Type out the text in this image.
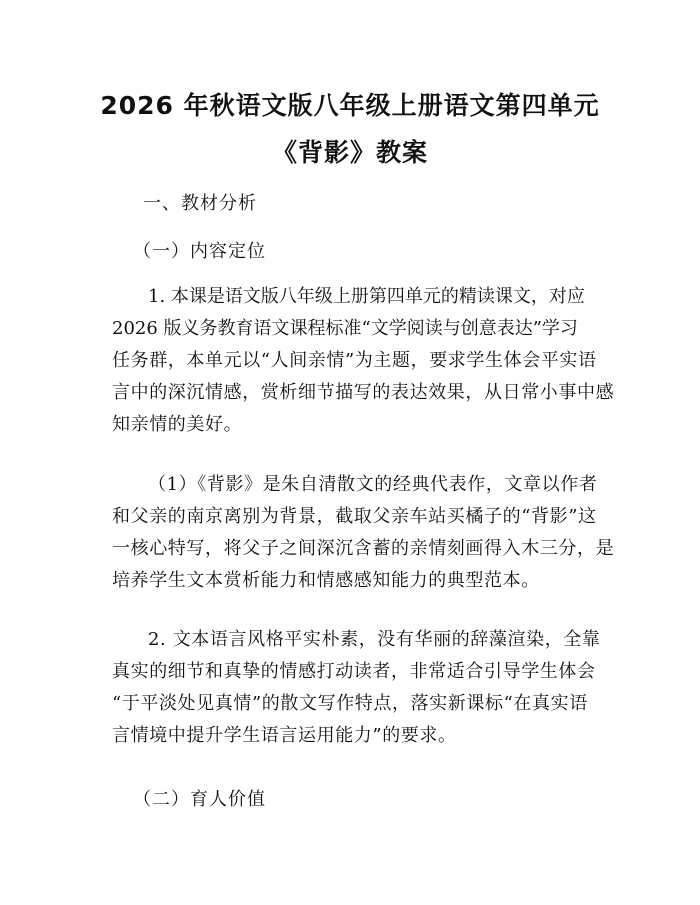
2026 年秋语文版八年级上册语文第四单元
《背影》教案
一、教材分析
（一）内容定位
1. 本课是语文版八年级上册第四单元的精读课文，对应
2026 版义务教育语文课程标准“文学阅读与创意表达”学习
任务群，本单元以“人间亲情”为主题，要求学生体会平实语
言中的深沉情感，赏析细节描写的表达效果，从日常小事中感
知亲情的美好。
（1）《背影》是朱自清散文的经典代表作，文章以作者
和父亲的南京离别为背景，截取父亲车站买橘子的“背影”这
一核心特写，将父子之间深沉含蓄的亲情刻画得入木三分，是
培养学生文本赏析能力和情感感知能力的典型范本。
2. 文本语言风格平实朴素，没有华丽的辞藻渲染，全靠
真实的细节和真挚的情感打动读者，非常适合引导学生体会
“于平淡处见真情”的散文写作特点，落实新课标“在真实语
言情境中提升学生语言运用能力”的要求。
（二）育人价值
